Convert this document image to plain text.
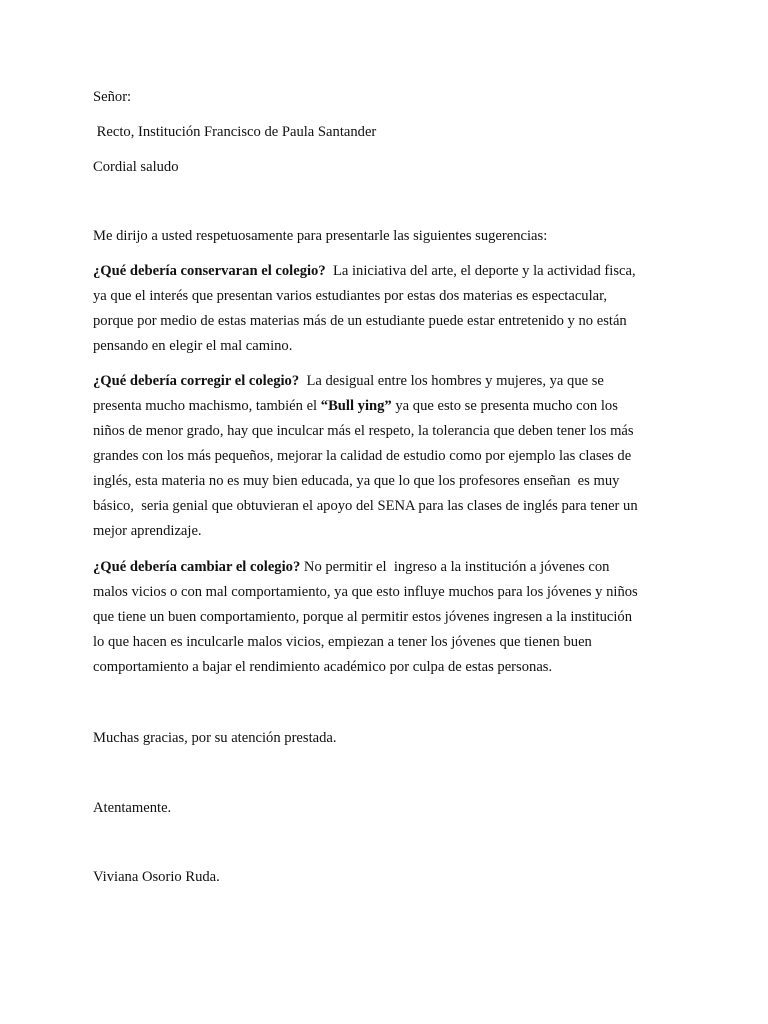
Señor:
Recto, Institución Francisco de Paula Santander
Cordial saludo
Me dirijo a usted respetuosamente para presentarle las siguientes sugerencias:
¿Qué debería conservaran el colegio?  La iniciativa del arte, el deporte y la actividad fisca,
ya que el interés que presentan varios estudiantes por estas dos materias es espectacular,
porque por medio de estas materias más de un estudiante puede estar entretenido y no están
pensando en elegir el mal camino.
¿Qué debería corregir el colegio?  La desigual entre los hombres y mujeres, ya que se
presenta mucho machismo, también el “Bull ying” ya que esto se presenta mucho con los
niños de menor grado, hay que inculcar más el respeto, la tolerancia que deben tener los más
grandes con los más pequeños, mejorar la calidad de estudio como por ejemplo las clases de
inglés, esta materia no es muy bien educada, ya que lo que los profesores enseñan  es muy
básico,  seria genial que obtuvieran el apoyo del SENA para las clases de inglés para tener un
mejor aprendizaje.
¿Qué debería cambiar el colegio? No permitir el  ingreso a la institución a jóvenes con
malos vicios o con mal comportamiento, ya que esto influye muchos para los jóvenes y niños
que tiene un buen comportamiento, porque al permitir estos jóvenes ingresen a la institución
lo que hacen es inculcarle malos vicios, empiezan a tener los jóvenes que tienen buen
comportamiento a bajar el rendimiento académico por culpa de estas personas.
Muchas gracias, por su atención prestada.
Atentamente.
Viviana Osorio Ruda.
